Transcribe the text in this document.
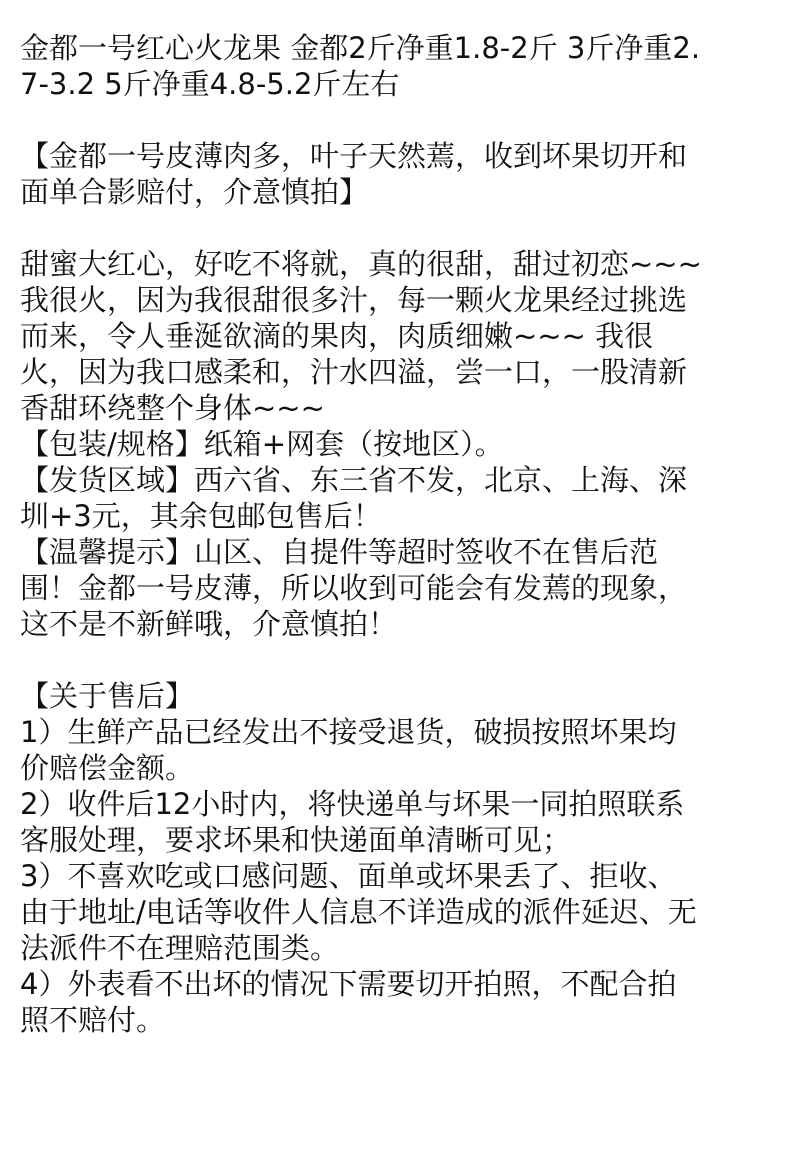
金都一号红心火龙果 金都2斤净重1.8-2斤 3斤净重2.
7-3.2 5斤净重4.8-5.2斤左右
【金都一号皮薄肉多，叶子天然蔫，收到坏果切开和
面单合影赔付，介意慎拍】
甜蜜大红心，好吃不将就，真的很甜，甜过初恋~~~
我很火，因为我很甜很多汁，每一颗火龙果经过挑选
而来，令人垂涎欲滴的果肉，肉质细嫩~~~ 我很
火，因为我口感柔和，汁水四溢，尝一口，一股清新
香甜环绕整个身体~~~
【包装/规格】纸箱+网套（按地区）。
【发货区域】西六省、东三省不发，北京、上海、深
圳+3元，其余包邮包售后！
【温馨提示】山区、自提件等超时签收不在售后范
围！金都一号皮薄，所以收到可能会有发蔫的现象，
这不是不新鲜哦，介意慎拍！
【关于售后】
1）生鲜产品已经发出不接受退货，破损按照坏果均
价赔偿金额。
2）收件后12小时内，将快递单与坏果一同拍照联系
客服处理，要求坏果和快递面单清晰可见；
3）不喜欢吃或口感问题、面单或坏果丢了、拒收、
由于地址/电话等收件人信息不详造成的派件延迟、无
法派件不在理赔范围类。
4）外表看不出坏的情况下需要切开拍照，不配合拍
照不赔付。
